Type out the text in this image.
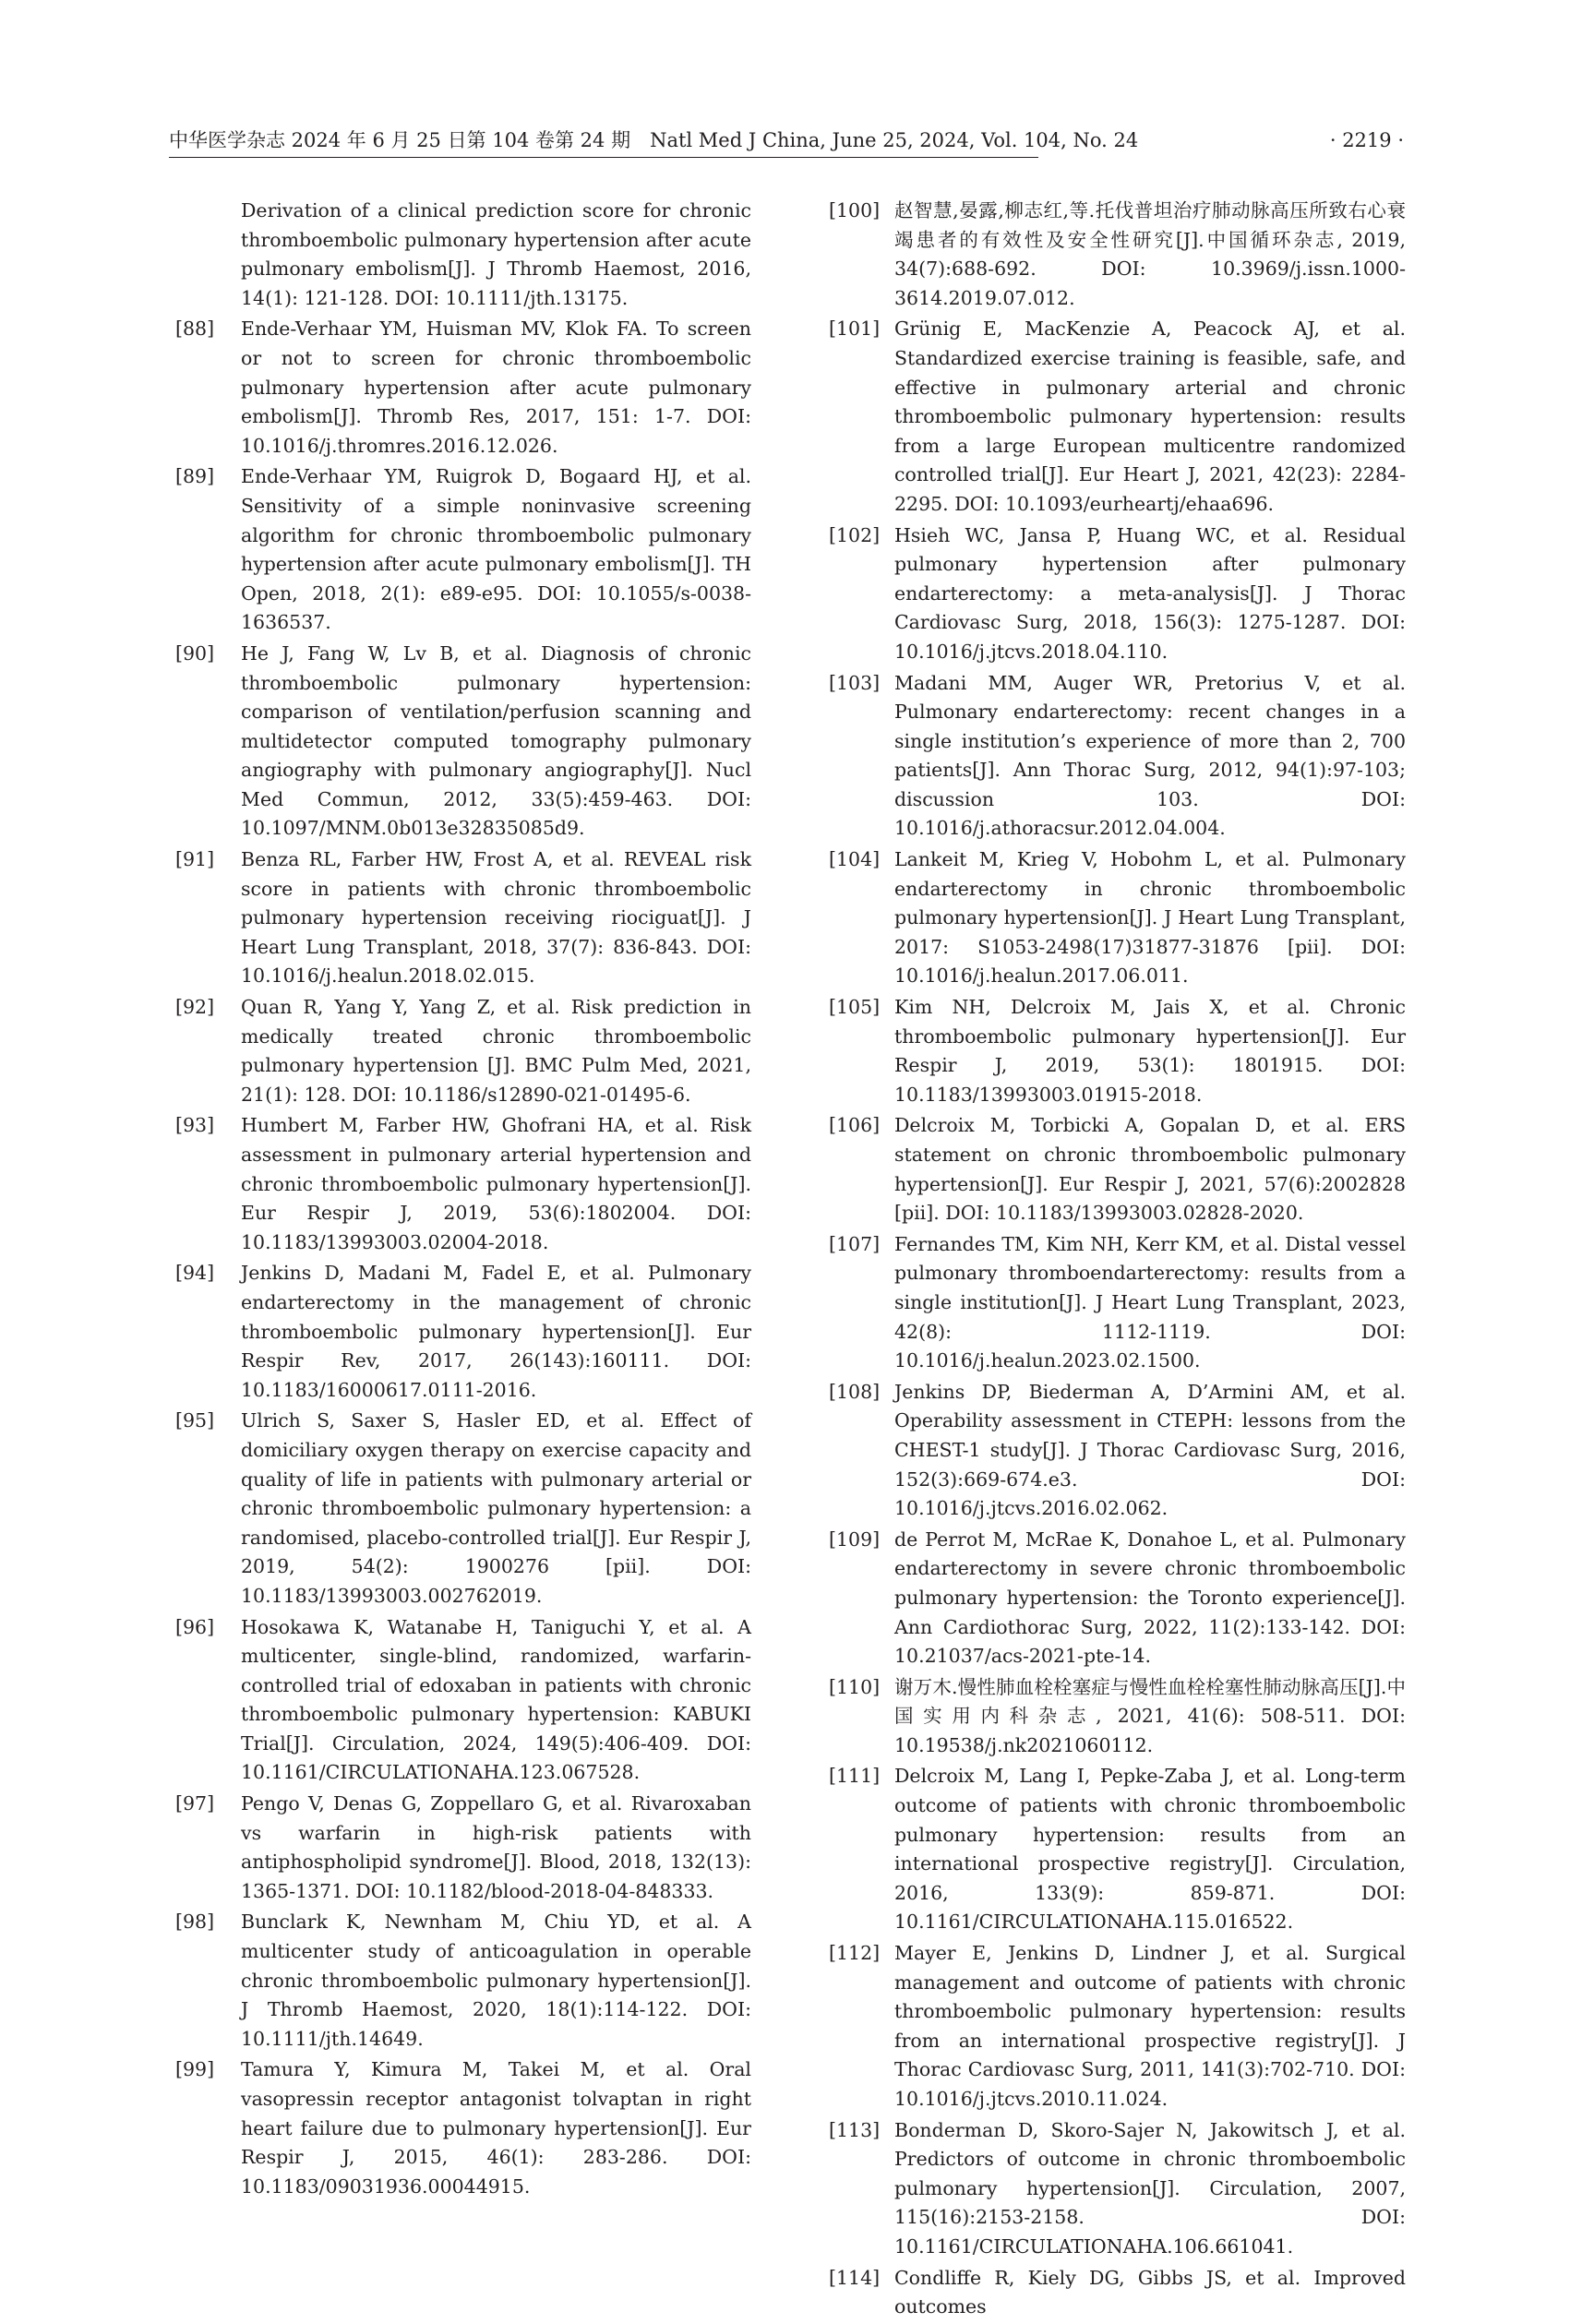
中华医学杂志 2024 年 6 月 25 日第 104 卷第 24 期　Natl Med J China, June 25, 2024, Vol. 104, No. 24	· 2219 ·
Derivation of a clinical prediction score for chronic thromboembolic pulmonary hypertension after acute pulmonary embolism[J]. J Thromb Haemost, 2016, 14(1): 121-128. DOI: 10.1111/jth.13175.
[88] Ende-Verhaar YM, Huisman MV, Klok FA. To screen or not to screen for chronic thromboembolic pulmonary hypertension after acute pulmonary embolism[J]. Thromb Res, 2017, 151: 1-7. DOI: 10.1016/j.thromres.2016.12.026.
[89] Ende-Verhaar YM, Ruigrok D, Bogaard HJ, et al. Sensitivity of a simple noninvasive screening algorithm for chronic thromboembolic pulmonary hypertension after acute pulmonary embolism[J]. TH Open, 2018, 2(1): e89-e95. DOI: 10.1055/s-0038-1636537.
[90] He J, Fang W, Lv B, et al. Diagnosis of chronic thromboembolic pulmonary hypertension: comparison of ventilation/perfusion scanning and multidetector computed tomography pulmonary angiography with pulmonary angiography[J]. Nucl Med Commun, 2012, 33(5):459-463. DOI: 10.1097/MNM.0b013e32835085d9.
[91] Benza RL, Farber HW, Frost A, et al. REVEAL risk score in patients with chronic thromboembolic pulmonary hypertension receiving riociguat[J]. J Heart Lung Transplant, 2018, 37(7): 836-843. DOI: 10.1016/j.healun.2018.02.015.
[92] Quan R, Yang Y, Yang Z, et al. Risk prediction in medically treated chronic thromboembolic pulmonary hypertension [J]. BMC Pulm Med, 2021, 21(1): 128. DOI: 10.1186/s12890-021-01495-6.
[93] Humbert M, Farber HW, Ghofrani HA, et al. Risk assessment in pulmonary arterial hypertension and chronic thromboembolic pulmonary hypertension[J]. Eur Respir J, 2019, 53(6):1802004. DOI: 10.1183/13993003.02004-2018.
[94] Jenkins D, Madani M, Fadel E, et al. Pulmonary endarterectomy in the management of chronic thromboembolic pulmonary hypertension[J]. Eur Respir Rev, 2017, 26(143):160111. DOI: 10.1183/16000617.0111-2016.
[95] Ulrich S, Saxer S, Hasler ED, et al. Effect of domiciliary oxygen therapy on exercise capacity and quality of life in patients with pulmonary arterial or chronic thromboembolic pulmonary hypertension: a randomised, placebo-controlled trial[J]. Eur Respir J, 2019, 54(2): 1900276 [pii]. DOI: 10.1183/13993003.002762019.
[96] Hosokawa K, Watanabe H, Taniguchi Y, et al. A multicenter, single-blind, randomized, warfarin-controlled trial of edoxaban in patients with chronic thromboembolic pulmonary hypertension: KABUKI Trial[J]. Circulation, 2024, 149(5):406-409. DOI: 10.1161/CIRCULATIONAHA.123.067528.
[97] Pengo V, Denas G, Zoppellaro G, et al. Rivaroxaban vs warfarin in high-risk patients with antiphospholipid syndrome[J]. Blood, 2018, 132(13): 1365-1371. DOI: 10.1182/blood-2018-04-848333.
[98] Bunclark K, Newnham M, Chiu YD, et al. A multicenter study of anticoagulation in operable chronic thromboembolic pulmonary hypertension[J]. J Thromb Haemost, 2020, 18(1):114-122. DOI: 10.1111/jth.14649.
[99] Tamura Y, Kimura M, Takei M, et al. Oral vasopressin receptor antagonist tolvaptan in right heart failure due to pulmonary hypertension[J]. Eur Respir J, 2015, 46(1): 283-286. DOI: 10.1183/09031936.00044915.
[100] 赵智慧,晏露,柳志红,等.托伐普坦治疗肺动脉高压所致右心衰竭患者的有效性及安全性研究[J].中国循环杂志, 2019, 34(7):688-692. DOI: 10.3969/j.issn.1000-3614.2019.07.012.
[101] Grünig E, MacKenzie A, Peacock AJ, et al. Standardized exercise training is feasible, safe, and effective in pulmonary arterial and chronic thromboembolic pulmonary hypertension: results from a large European multicentre randomized controlled trial[J]. Eur Heart J, 2021, 42(23): 2284-2295. DOI: 10.1093/eurheartj/ehaa696.
[102] Hsieh WC, Jansa P, Huang WC, et al. Residual pulmonary hypertension after pulmonary endarterectomy: a meta-analysis[J]. J Thorac Cardiovasc Surg, 2018, 156(3): 1275-1287. DOI: 10.1016/j.jtcvs.2018.04.110.
[103] Madani MM, Auger WR, Pretorius V, et al. Pulmonary endarterectomy: recent changes in a single institution’s experience of more than 2, 700 patients[J]. Ann Thorac Surg, 2012, 94(1):97-103; discussion 103. DOI: 10.1016/j.athoracsur.2012.04.004.
[104] Lankeit M, Krieg V, Hobohm L, et al. Pulmonary endarterectomy in chronic thromboembolic pulmonary hypertension[J]. J Heart Lung Transplant, 2017: S1053-2498(17)31877-31876 [pii]. DOI: 10.1016/j.healun.2017.06.011.
[105] Kim NH, Delcroix M, Jais X, et al. Chronic thromboembolic pulmonary hypertension[J]. Eur Respir J, 2019, 53(1): 1801915. DOI: 10.1183/13993003.01915-2018.
[106] Delcroix M, Torbicki A, Gopalan D, et al. ERS statement on chronic thromboembolic pulmonary hypertension[J]. Eur Respir J, 2021, 57(6):2002828 [pii]. DOI: 10.1183/13993003.02828-2020.
[107] Fernandes TM, Kim NH, Kerr KM, et al. Distal vessel pulmonary thromboendarterectomy: results from a single institution[J]. J Heart Lung Transplant, 2023, 42(8): 1112-1119. DOI: 10.1016/j.healun.2023.02.1500.
[108] Jenkins DP, Biederman A, D’Armini AM, et al. Operability assessment in CTEPH: lessons from the CHEST-1 study[J]. J Thorac Cardiovasc Surg, 2016, 152(3):669-674.e3. DOI: 10.1016/j.jtcvs.2016.02.062.
[109] de Perrot M, McRae K, Donahoe L, et al. Pulmonary endarterectomy in severe chronic thromboembolic pulmonary hypertension: the Toronto experience[J]. Ann Cardiothorac Surg, 2022, 11(2):133-142. DOI: 10.21037/acs-2021-pte-14.
[110] 谢万木.慢性肺血栓栓塞症与慢性血栓栓塞性肺动脉高压[J].中国实用内科杂志, 2021, 41(6): 508-511. DOI: 10.19538/j.nk2021060112.
[111] Delcroix M, Lang I, Pepke-Zaba J, et al. Long-term outcome of patients with chronic thromboembolic pulmonary hypertension: results from an international prospective registry[J]. Circulation, 2016, 133(9): 859-871. DOI: 10.1161/CIRCULATIONAHA.115.016522.
[112] Mayer E, Jenkins D, Lindner J, et al. Surgical management and outcome of patients with chronic thromboembolic pulmonary hypertension: results from an international prospective registry[J]. J Thorac Cardiovasc Surg, 2011, 141(3):702-710. DOI: 10.1016/j.jtcvs.2010.11.024.
[113] Bonderman D, Skoro-Sajer N, Jakowitsch J, et al. Predictors of outcome in chronic thromboembolic pulmonary hypertension[J]. Circulation, 2007, 115(16):2153-2158. DOI: 10.1161/CIRCULATIONAHA.106.661041.
[114] Condliffe R, Kiely DG, Gibbs JS, et al. Improved outcomes
